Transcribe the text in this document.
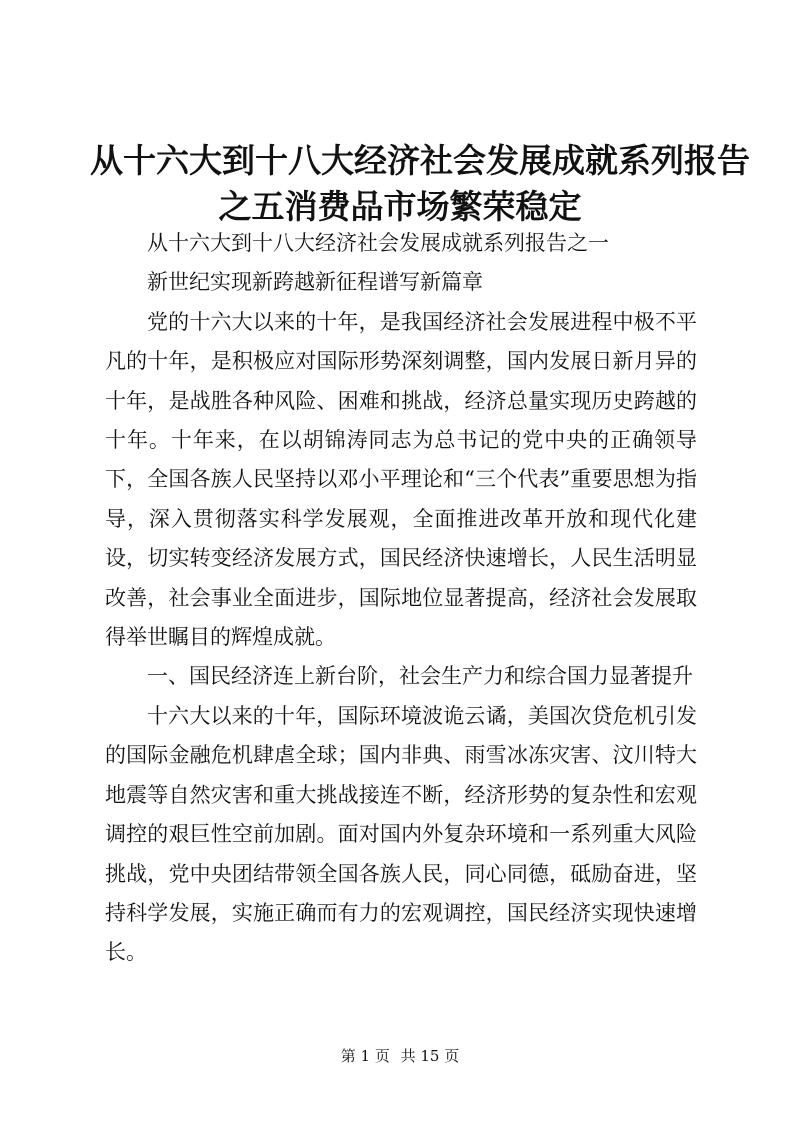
从十六大到十八大经济社会发展成就系列报告
之五消费品市场繁荣稳定

从十六大到十八大经济社会发展成就系列报告之一

新世纪实现新跨越新征程谱写新篇章

党的十六大以来的十年，是我国经济社会发展进程中极不平凡的十年，是积极应对国际形势深刻调整，国内发展日新月异的十年，是战胜各种风险、困难和挑战，经济总量实现历史跨越的十年。十年来，在以胡锦涛同志为总书记的党中央的正确领导下，全国各族人民坚持以邓小平理论和“三个代表”重要思想为指导，深入贯彻落实科学发展观，全面推进改革开放和现代化建设，切实转变经济发展方式，国民经济快速增长，人民生活明显改善，社会事业全面进步，国际地位显著提高，经济社会发展取得举世瞩目的辉煌成就。

一、国民经济连上新台阶，社会生产力和综合国力显著提升

十六大以来的十年，国际环境波诡云谲，美国次贷危机引发的国际金融危机肆虐全球；国内非典、雨雪冰冻灾害、汶川特大地震等自然灾害和重大挑战接连不断，经济形势的复杂性和宏观调控的艰巨性空前加剧。面对国内外复杂环境和一系列重大风险挑战，党中央团结带领全国各族人民，同心同德，砥励奋进，坚持科学发展，实施正确而有力的宏观调控，国民经济实现快速增长。

第 1 页 共 15 页
